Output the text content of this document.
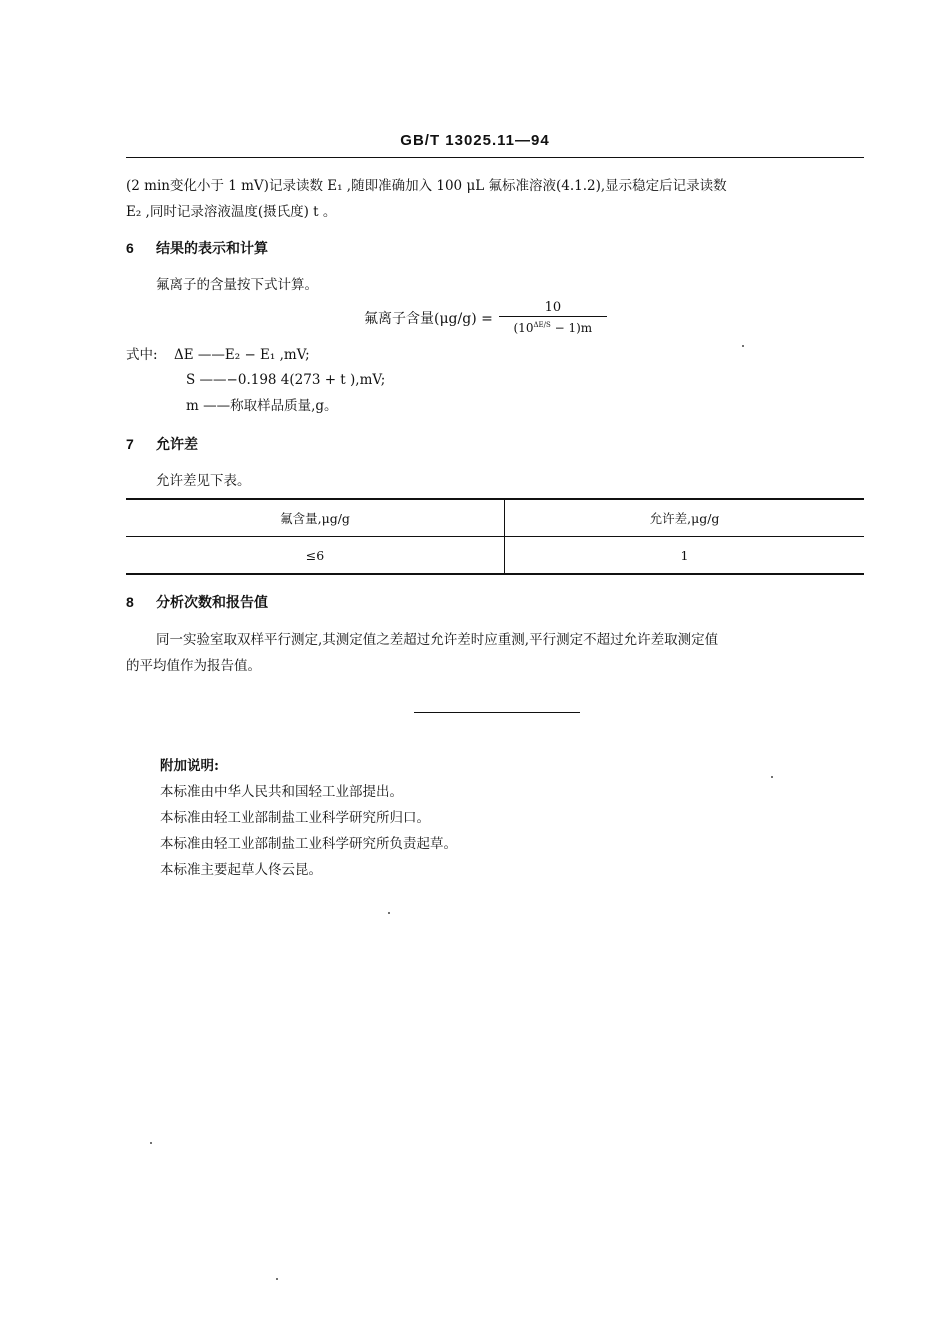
GB/T 13025.11—94
(2 min变化小于 1 mV)记录读数 E₁ ,随即准确加入 100 μL 氟标准溶液(4.1.2),显示稳定后记录读数
E₂ ,同时记录溶液温度(摄氏度) t 。
6 结果的表示和计算
氟离子的含量按下式计算。
氟离子含量$(\mu g/g) = \frac{10}{(10^{\Delta E/S} - 1)m}$
式中: ΔE ——E₂ − E₁ ,mV;
S ——−0.198 4(273 + t ),mV;
m ——称取样品质量,g。
7 允许差
允许差见下表。
氟含量,μg/g	允许差,μg/g
≤6	1
8 分析次数和报告值
同一实验室取双样平行测定,其测定值之差超过允许差时应重测,平行测定不超过允许差取测定值
的平均值作为报告值。
附加说明:
本标准由中华人民共和国轻工业部提出。
本标准由轻工业部制盐工业科学研究所归口。
本标准由轻工业部制盐工业科学研究所负责起草。
本标准主要起草人佟云昆。
